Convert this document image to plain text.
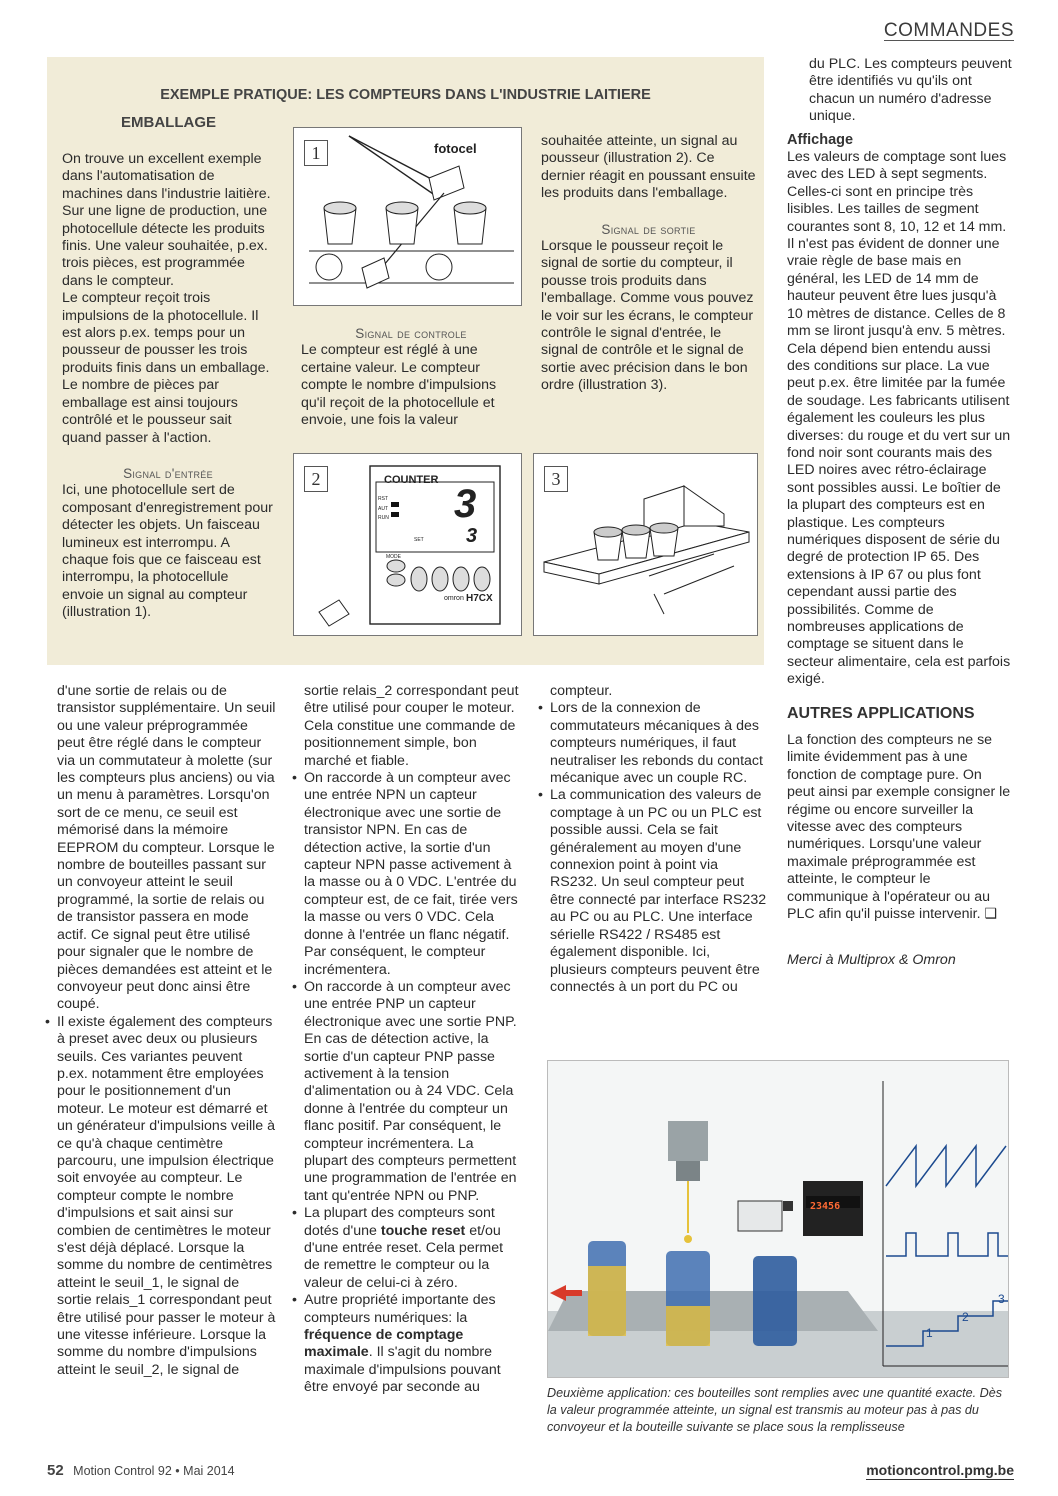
COMMANDES
EXEMPLE PRATIQUE: LES COMPTEURS DANS L'INDUSTRIE LAITIERE
EMBALLAGE

On trouve un excellent exemple dans l'automatisation de machines dans l'industrie laitière.

Sur une ligne de production, une photocellule détecte les produits finis. Une valeur souhaitée, p.ex. trois pièces, est programmée dans le compteur.

Le compteur reçoit trois impulsions de la photocellule. Il est alors p.ex. temps pour un pousseur de pousser les trois produits finis dans un emballage. Le nombre de pièces par emballage est ainsi toujours contrôlé et le pousseur sait quand passer à l'action.

Signal d'entrée

Ici, une photocellule sert de composant d'enregistrement pour détecter les objets. Un faisceau lumineux est interrompu. A chaque fois que ce faisceau est interrompu, la photocellule envoie un signal au compteur (illustration 1).

1	fotocel

Signal de controle

Le compteur est réglé à une certaine valeur. Le compteur compte le nombre d'impulsions qu'il reçoit de la photocellule et envoie, une fois la valeur

souhaitée atteinte, un signal au pousseur (illustration 2). Ce dernier réagit en poussant ensuite les produits dans l'emballage.

Signal de sortie

Lorsque le pousseur reçoit le signal de sortie du compteur, il pousse trois produits dans l'emballage. Comme vous pouvez le voir sur les écrans, le compteur contrôle le signal d'entrée, le signal de contrôle et le signal de sortie avec précision dans le bon ordre (illustration 3).

2	COUNTER
3
3
RST
AUT
RUN
SET
MODE
omron H7CX
3

d'une sortie de relais ou de transistor supplémentaire. Un seuil ou une valeur préprogrammée peut être réglé dans le compteur via un commutateur à molette (sur les compteurs plus anciens) ou via un menu à paramètres. Lorsqu'on sort de ce menu, ce seuil est mémorisé dans la mémoire EEPROM du compteur. Lorsque le nombre de bouteilles passant sur un convoyeur atteint le seuil programmé, la sortie de relais ou de transistor passera en mode actif. Ce signal peut être utilisé pour signaler que le nombre de pièces demandées est atteint et le convoyeur peut donc ainsi être coupé.

• Il existe également des compteurs à preset avec deux ou plusieurs seuils. Ces variantes peuvent p.ex. notamment être employées pour le positionnement d'un moteur. Le moteur est démarré et un générateur d'impulsions veille à ce qu'à chaque centimètre parcouru, une impulsion électrique soit envoyée au compteur. Le compteur compte le nombre d'impulsions et sait ainsi sur combien de centimètres le moteur s'est déjà déplacé. Lorsque la somme du nombre de centimètres atteint le seuil_1, le signal de sortie relais_1 correspondant peut être utilisé pour passer le moteur à une vitesse inférieure. Lorsque la somme du nombre d'impulsions atteint le seuil_2, le signal de

sortie relais_2 correspondant peut être utilisé pour couper le moteur. Cela constitue une commande de positionnement simple, bon marché et fiable.

• On raccorde à un compteur avec une entrée NPN un capteur électronique avec une sortie de transistor NPN. En cas de détection active, la sortie d'un capteur NPN passe activement à la masse ou à 0 VDC. L'entrée du compteur est, de ce fait, tirée vers la masse ou vers 0 VDC. Cela donne à l'entrée un flanc négatif. Par conséquent, le compteur incrémentera.

• On raccorde à un compteur avec une entrée PNP un capteur électronique avec une sortie PNP. En cas de détection active, la sortie d'un capteur PNP passe activement à la tension d'alimentation ou à 24 VDC. Cela donne à l'entrée du compteur un flanc positif. Par conséquent, le compteur incrémentera. La plupart des compteurs permettent une programmation de l'entrée en tant qu'entrée NPN ou PNP.

• La plupart des compteurs sont dotés d'une touche reset et/ou d'une entrée reset. Cela permet de remettre le compteur ou la valeur de celui-ci à zéro.

• Autre propriété importante des compteurs numériques: la fréquence de comptage maximale. Il s'agit du nombre maximale d'impulsions pouvant être envoyé par seconde au

compteur.

• Lors de la connexion de commutateurs mécaniques à des compteurs numériques, il faut neutraliser les rebonds du contact mécanique avec un couple RC.

• La communication des valeurs de comptage à un PC ou un PLC est possible aussi. Cela se fait généralement au moyen d'une connexion point à point via RS232. Un seul compteur peut être connecté par interface RS232 au PC ou au PLC. Une interface sérielle RS422 / RS485 est également disponible. Ici, plusieurs compteurs peuvent être connectés à un port du PC ou

du PLC. Les compteurs peuvent être identifiés vu qu'ils ont chacun un numéro d'adresse unique.

Affichage

Les valeurs de comptage sont lues avec des LED à sept segments. Celles-ci sont en principe très lisibles. Les tailles de segment courantes sont 8, 10, 12 et 14 mm. Il n'est pas évident de donner une vraie règle de base mais en général, les LED de 14 mm de hauteur peuvent être lues jusqu'à 10 mètres de distance. Celles de 8 mm se liront jusqu'à env. 5 mètres. Cela dépend bien entendu aussi des conditions sur place. La vue peut p.ex. être limitée par la fumée de soudage. Les fabricants utilisent également les couleurs les plus diverses: du rouge et du vert sur un fond noir sont courants mais des LED noires avec rétro-éclairage sont possibles aussi. Le boîtier de la plupart des compteurs est en plastique. Les compteurs numériques disposent de série du degré de protection IP 65. Des extensions à IP 67 ou plus font cependant aussi partie des possibilités. Comme de nombreuses applications de comptage se situent dans le secteur alimentaire, cela est parfois exigé.

AUTRES APPLICATIONS

La fonction des compteurs ne se limite évidemment pas à une fonction de comptage pure. On peut ainsi par exemple consigner le régime ou encore surveiller la vitesse avec des compteurs numériques. Lorsqu'une valeur maximale préprogrammée est atteinte, le compteur le communique à l'opérateur ou au PLC afin qu'il puisse intervenir. ❑

Merci à Multiprox & Omron

23456
1
2
3
Deuxième application: ces bouteilles sont remplies avec une quantité exacte. Dès la valeur programmée atteinte, un signal est transmis au moteur pas à pas du convoyeur et la bouteille suivante se place sous la remplisseuse
52 Motion Control 92 • Mai 2014	motioncontrol.pmg.be
